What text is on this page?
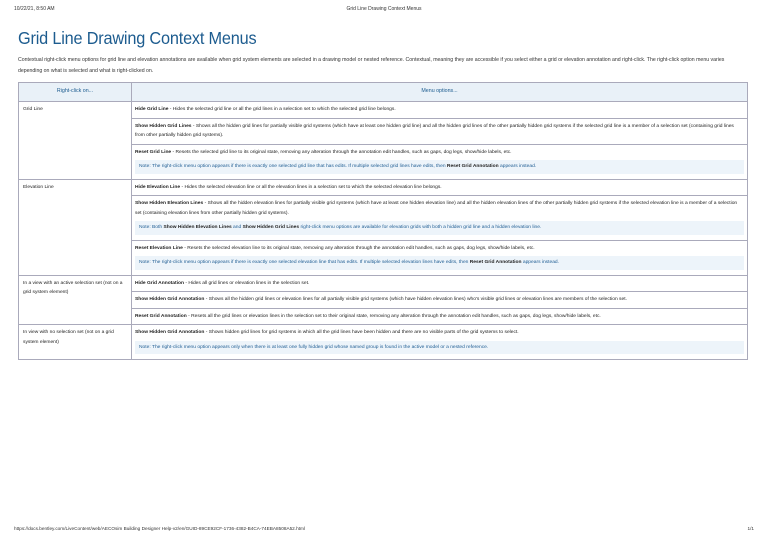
10/22/21, 8:50 AM	Grid Line Drawing Context Menus
Grid Line Drawing Context Menus
Contextual right-click menu options for grid line and elevation annotations are available when grid system elements are selected in a drawing model or nested reference. Contextual, meaning they are accessible if you select either a grid or elevation annotation and right-click. The right-click option menu varies depending on what is selected and what is right-clicked on.
Right-click on...	Menu options...
Grid Line	Hide Grid Line - Hides the selected grid line or all the grid lines in a selection set to which the selected grid line belongs.
Show Hidden Grid Lines - Shows all the hidden grid lines for partially visible grid systems (which have at least one hidden grid line) and all the hidden grid lines of the other partially hidden grid systems if the selected grid line is a member of a selection set (containing grid lines from other partially hidden grid systems).
Reset Grid Line - Resets the selected grid line to its original state, removing any alteration through the annotation edit handles, such as gaps, dog legs, show/hide labels, etc.
Note: The right-click menu option appears if there is exactly one selected grid line that has edits. If multiple selected grid lines have edits, then Reset Grid Annotation appears instead.

Elevation Line	Hide Elevation Line - Hides the selected elevation line or all the elevation lines in a selection set to which the selected elevation line belongs.
Show Hidden Elevation Lines - Shows all the hidden elevation lines for partially visible grid systems (which have at least one hidden elevation line) and all the hidden elevation lines of the other partially hidden grid systems if the selected elevation line is a member of a selection set (containing elevation lines from other partially hidden grid systems).
Note: Both Show Hidden Elevation Lines and Show Hidden Grid Lines right-click menu options are available for elevation grids with both a hidden grid line and a hidden elevation line.
Reset Elevation Line - Resets the selected elevation line to its original state, removing any alteration through the annotation edit handles, such as gaps, dog legs, show/hide labels, etc.
Note: The right-click menu option appears if there is exactly one selected elevation line that has edits. If multiple selected elevation lines have edits, then Reset Grid Annotation appears instead.

In a view with an active selection set (not on a grid system element)	Hide Grid Annotation - Hides all grid lines or elevation lines in the selection set.
Show Hidden Grid Annotation - Shows all the hidden grid lines or elevation lines for all partially visible grid systems (which have hidden elevation lines) who's visible grid lines or elevation lines are members of the selection set.
Reset Grid Annotation - Resets all the grid lines or elevation lines in the selection set to their original state, removing any alteration through the annotation edit handles, such as gaps, dog legs, show/hide labels, etc.

In view with no selection set (not on a grid system element)	Show Hidden Grid Annotation - Shows hidden grid lines for grid systems in which all the grid lines have been hidden and there are no visible parts of the grid systems to select.
Note: The right-click menu option appears only when there is at least one fully hidden grid whose named group is found in the active model or a nested reference.
https://docs.bentley.com/LiveContent/web/AECOsim Building Designer Help-v2/en/GUID-89CE92CF-1736-4382-B4CA-74EBA8508A52.html	1/1
